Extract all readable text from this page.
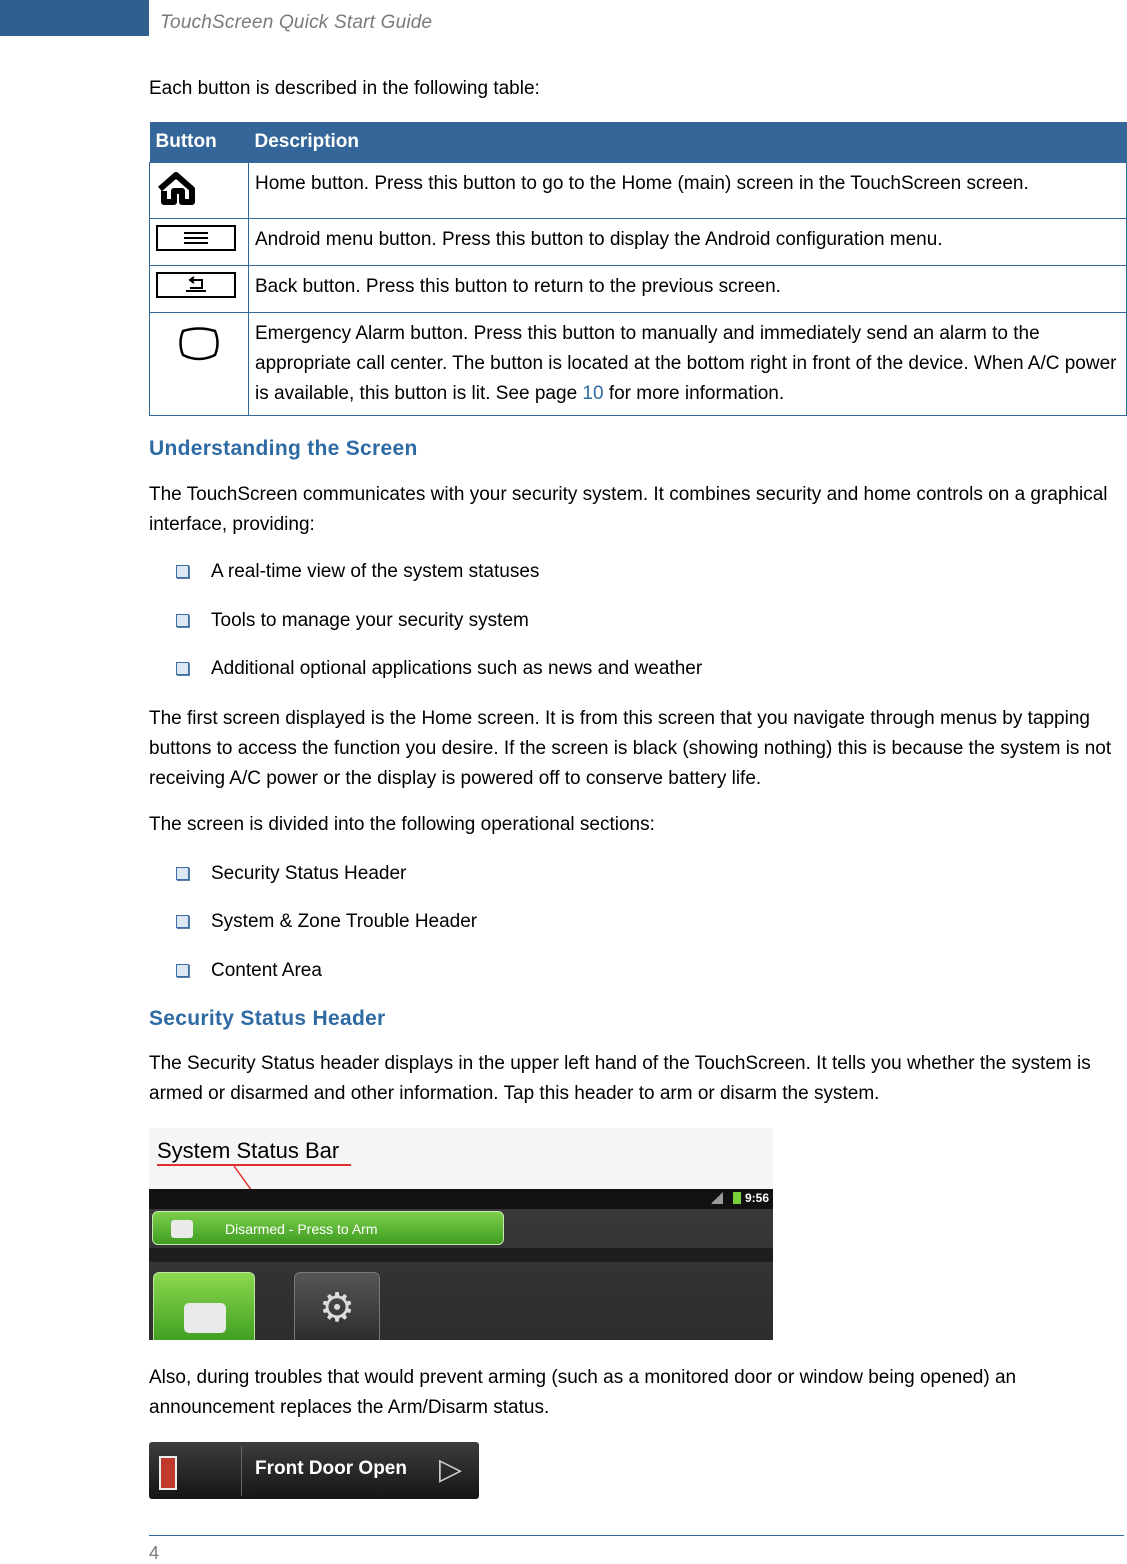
TouchScreen Quick Start Guide
Each button is described in the following table:
Button	Description

	Home button. Press this button to go to the Home (main) screen in the TouchScreen screen.

	Android menu button. Press this button to display the Android configuration menu.

	Back button. Press this button to return to the previous screen.

	Emergency Alarm button. Press this button to manually and immediately send an alarm to the appropriate call center. The button is located at the bottom right in front of the device. When A/C power is available, this button is lit. See page 10 for more information.
Understanding the Screen
The TouchScreen communicates with your security system. It combines security and home controls on a graphical interface, providing:
A real-time view of the system statuses
Tools to manage your security system
Additional optional applications such as news and weather
The first screen displayed is the Home screen. It is from this screen that you navigate through menus by tapping buttons to access the function you desire. If the screen is black (showing nothing) this is because the system is not receiving A/C power or the display is powered off to conserve battery life.
The screen is divided into the following operational sections:
Security Status Header
System & Zone Trouble Header
Content Area
Security Status Header
The Security Status header displays in the upper left hand of the TouchScreen. It tells you whether the system is armed or disarmed and other information. Tap this header to arm or disarm the system.
System Status Bar
9:56
Disarmed - Press to Arm
⚙
Also, during troubles that would prevent arming (such as a monitored door or window being opened) an announcement replaces the Arm/Disarm status.
Front Door Open ▷
4
